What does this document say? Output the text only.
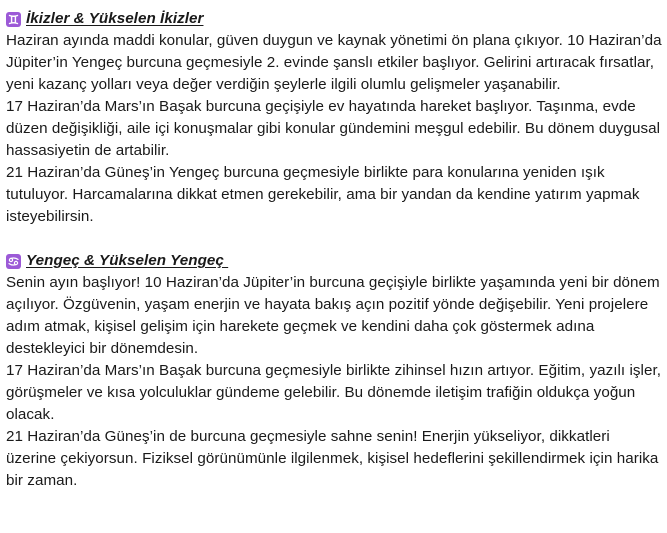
İkizler & Yükselen İkizler

Haziran ayında maddi konular, güven duygun ve kaynak yönetimi ön plana çıkıyor. 10 Haziran’da Jüpiter’in Yengeç burcuna geçmesiyle 2. evinde şanslı etkiler başlıyor. Gelirini artıracak fırsatlar, yeni kazanç yolları veya değer verdiğin şeylerle ilgili olumlu gelişmeler yaşanabilir.

17 Haziran’da Mars’ın Başak burcuna geçişiyle ev hayatında hareket başlıyor. Taşınma, evde düzen değişikliği, aile içi konuşmalar gibi konular gündemini meşgul edebilir. Bu dönem duygusal hassasiyetin de artabilir.

21 Haziran’da Güneş’in Yengeç burcuna geçmesiyle birlikte para konularına yeniden ışık tutuluyor. Harcamalarına dikkat etmen gerekebilir, ama bir yandan da kendine yatırım yapmak isteyebilirsin.

Yengeç & Yükselen Yengeç

Senin ayın başlıyor! 10 Haziran’da Jüpiter’in burcuna geçişiyle birlikte yaşamında yeni bir dönem açılıyor. Özgüvenin, yaşam enerjin ve hayata bakış açın pozitif yönde değişebilir. Yeni projelere adım atmak, kişisel gelişim için harekete geçmek ve kendini daha çok göstermek adına destekleyici bir dönemdesin.

17 Haziran’da Mars’ın Başak burcuna geçmesiyle birlikte zihinsel hızın artıyor. Eğitim, yazılı işler, görüşmeler ve kısa yolculuklar gündeme gelebilir. Bu dönemde iletişim trafiğin oldukça yoğun olacak.

21 Haziran’da Güneş’in de burcuna geçmesiyle sahne senin! Enerjin yükseliyor, dikkatleri üzerine çekiyorsun. Fiziksel görünümünle ilgilenmek, kişisel hedeflerini şekillendirmek için harika bir zaman.
